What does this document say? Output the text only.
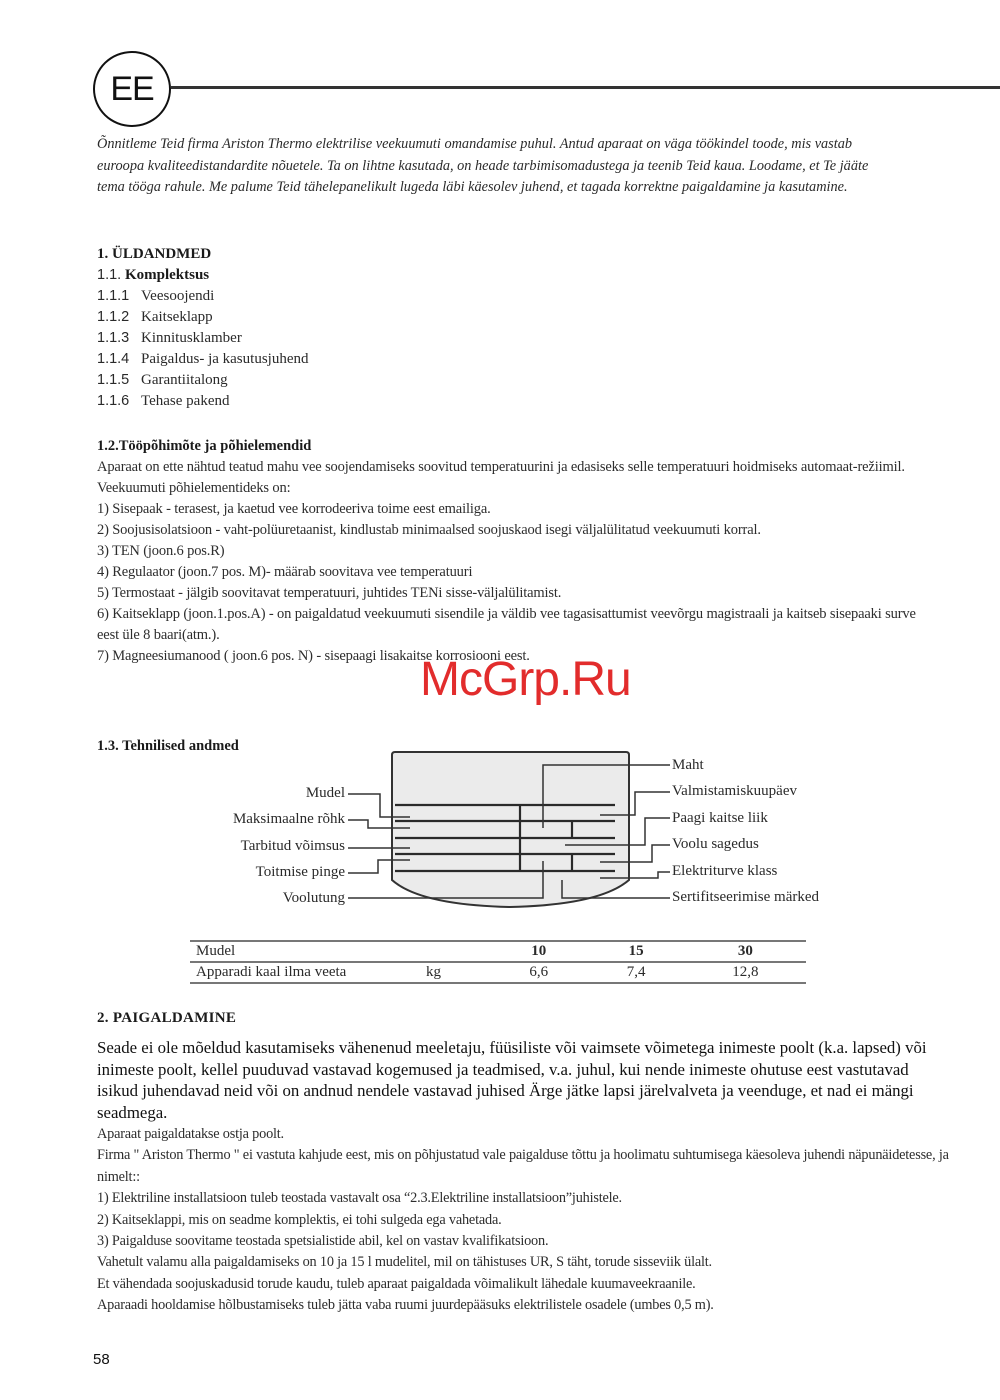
EE

Õnnitleme Teid firma Ariston Thermo elektrilise veekuumuti omandamise puhul. Antud aparaat on väga töökindel toode, mis vastab euroopa kvaliteedistandardite nõuetele. Ta on lihtne kasutada, on heade tarbimisomadustega ja teenib Teid kaua. Loodame, et Te jääte tema tööga rahule. Me palume Teid tähelepanelikult lugeda läbi käesolev juhend, et tagada korrektne paigaldamine ja kasutamine.

1. ÜLDANDMED
1.1. Komplektsus
1.1.1 Veesoojendi
1.1.2 Kaitseklapp
1.1.3 Kinnitusklamber
1.1.4 Paigaldus- ja kasutusjuhend
1.1.5 Garantiitalong
1.1.6 Tehase pakend
1.2.Tööpõhimõte ja põhielemendid
Aparaat on ette nähtud teatud mahu vee soojendamiseks soovitud temperatuurini ja edasiseks selle temperatuuri hoidmiseks automaat-režiimil.
Veekuumuti põhielementideks on:
1) Sisepaak - terasest, ja kaetud vee korrodeeriva toime eest emailiga.
2) Soojusisolatsioon - vaht-polüuretaanist, kindlustab minimaalsed soojuskaod isegi väljalülitatud veekuumuti korral.
3) TEN (joon.6 pos.R)
4) Regulaator (joon.7 pos. M)- määrab soovitava vee temperatuuri
5) Termostaat - jälgib soovitavat temperatuuri, juhtides TENi sisse-väljalülitamist.
6) Kaitseklapp (joon.1.pos.A) - on paigaldatud veekuumuti sisendile ja väldib vee tagasisattumist veevõrgu magistraali ja kaitseb sisepaaki surve eest üle 8 baari(atm.).
7) Magneesiumanood ( joon.6 pos. N) - sisepaagi lisakaitse korrosiooni eest.
McGrp.Ru
1.3. Tehnilised andmed
Mudel
Maksimaalne rõhk
Tarbitud võimsus
Toitmise pinge
Voolutung
Maht
Valmistamiskuupäev
Paagi kaitse liik
Voolu sagedus
Elektriturve klass
Sertifitseerimise märked
Mudel		10	15	30
Apparadi kaal ilma veeta	kg	6,6	7,4	12,8
2. PAIGALDAMINE

Seade ei ole mõeldud kasutamiseks vähenenud meeletaju, füüsiliste või vaimsete võimetega inimeste poolt (k.a. lapsed) või inimeste poolt, kellel puuduvad vastavad kogemused ja teadmised, v.a. juhul, kui nende inimeste ohutuse eest vastutavad isikud juhendavad neid või on andnud nendele vastavad juhised Ärge jätke lapsi järelvalveta ja veenduge, et nad ei mängi seadmega.

Aparaat paigaldatakse ostja poolt.
Firma " Ariston Thermo " ei vastuta kahjude eest, mis on põhjustatud vale paigalduse tõttu ja hoolimatu suhtumisega käesoleva juhendi näpunäidetesse, ja nimelt::
1) Elektriline installatsioon tuleb teostada vastavalt osa “2.3.Elektriline installatsioon”juhistele.
2) Kaitseklappi, mis on seadme komplektis, ei tohi sulgeda ega vahetada.
3) Paigalduse soovitame teostada spetsialistide abil, kel on vastav kvalifikatsioon.
Vahetult valamu alla paigaldamiseks on 10 ja 15 l mudelitel, mil on tähistuses UR, S täht, torude sisseviik ülalt.
Et vähendada soojuskadusid torude kaudu, tuleb aparaat paigaldada võimalikult lähedale kuumaveekraanile.
Aparaadi hooldamise hõlbustamiseks tuleb jätta vaba ruumi juurdepääsuks elektrilistele osadele (umbes 0,5 m).
58
